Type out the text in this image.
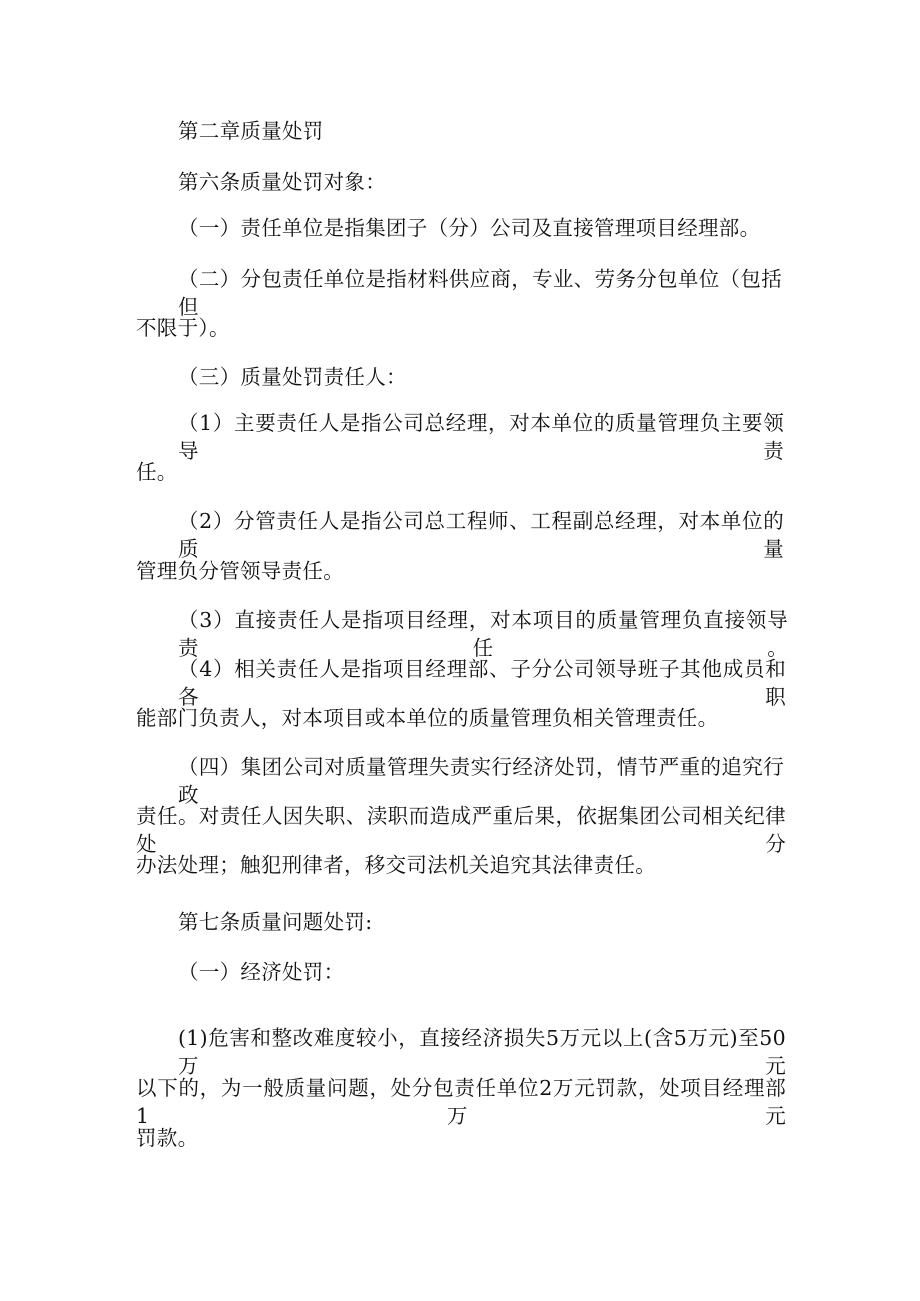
第二章质量处罚
第六条质量处罚对象：
（一）责任单位是指集团子（分）公司及直接管理项目经理部。
（二）分包责任单位是指材料供应商，专业、劳务分包单位（包括但
不限于）。
（三）质量处罚责任人：
（1）主要责任人是指公司总经理，对本单位的质量管理负主要领导责
任。
（2）分管责任人是指公司总工程师、工程副总经理，对本单位的质量
管理负分管领导责任。
（3）直接责任人是指项目经理，对本项目的质量管理负直接领导责任。
（4）相关责任人是指项目经理部、子分公司领导班子其他成员和各职
能部门负责人，对本项目或本单位的质量管理负相关管理责任。
（四）集团公司对质量管理失责实行经济处罚，情节严重的追究行政
责任。对责任人因失职、渎职而造成严重后果，依据集团公司相关纪律处分
办法处理；触犯刑律者，移交司法机关追究其法律责任。
第七条质量问题处罚:
（一）经济处罚：
(1)危害和整改难度较小，直接经济损失5万元以上(含5万元)至50万元
以下的，为一般质量问题，处分包责任单位2万元罚款，处项目经理部1万元
罚款。
